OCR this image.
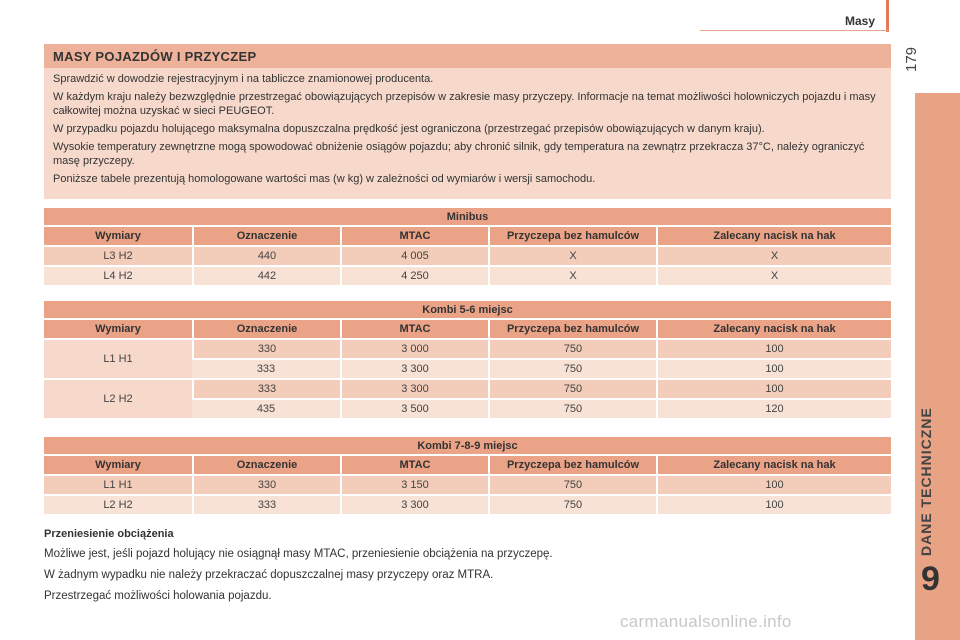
Masy
179
DANE TECHNICZNE
9
MASY POJAZDÓW I PRZYCZEP

Sprawdzić w dowodzie rejestracyjnym i na tabliczce znamionowej producenta.

W każdym kraju należy bezwzględnie przestrzegać obowiązujących przepisów w zakresie masy przyczepy. Informacje na temat możliwości holowniczych pojazdu i masy całkowitej można uzyskać w sieci PEUGEOT.

W przypadku pojazdu holującego maksymalna dopuszczalna prędkość jest ograniczona (przestrzegać przepisów obowiązujących w danym kraju).

Wysokie temperatury zewnętrzne mogą spowodować obniżenie osiągów pojazdu; aby chronić silnik, gdy temperatura na zewnątrz przekracza 37°C, należy ograniczyć masę przyczepy.

Poniższe tabele prezentują homologowane wartości mas (w kg) w zależności od wymiarów i wersji samochodu.

Minibus				
Wymiary	Oznaczenie	MTAC	Przyczepa bez hamulców	Zalecany nacisk na hak
L3 H2	440	4 005	X	X
L4 H2	442	4 250	X	X
Kombi 5-6 miejsc				
Wymiary	Oznaczenie	MTAC	Przyczepa bez hamulców	Zalecany nacisk na hak
L1 H1	330	3 000	750	100
	333	3 300	750	100
L2 H2	333	3 300	750	100
	435	3 500	750	120
Kombi 7-8-9 miejsc				
Wymiary	Oznaczenie	MTAC	Przyczepa bez hamulców	Zalecany nacisk na hak
L1 H1	330	3 150	750	100
L2 H2	333	3 300	750	100
Przeniesienie obciążenia

Możliwe jest, jeśli pojazd holujący nie osiągnął masy MTAC, przeniesienie obciążenia na przyczepę.

W żadnym wypadku nie należy przekraczać dopuszczalnej masy przyczepy oraz MTRA.

Przestrzegać możliwości holowania pojazdu.

carmanualsonline.info
